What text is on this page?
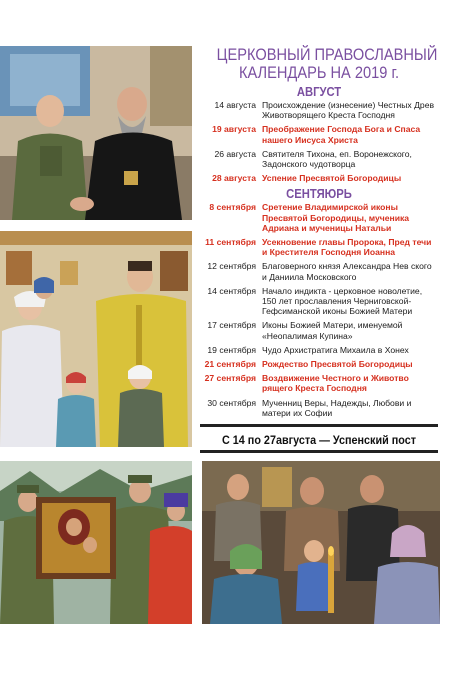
ЦЕРКОВНЫЙ ПРАВОСЛАВНЫЙ
КАЛЕНДАРЬ НА 2019 г.
АВГУСТ
14 августа Происхождение (изнесение) Честных Древ Животворящего Креста Господня
19 августа Преображение Господа Бога и Спаса нашего Иисуса Христа
26 августа Святителя Тихона, еп. Воронежского, Задонского чудотворца
28 августа Успение Пресвятой Богородицы
СЕНТЯЮРЬ
8 сентября Сретение Владимирской иконы Пресвятой Богородицы, мученика Адриана и мученицы Натальи
11 сентября Усекновение главы Пророка, Пред течи и Крестителя Господня Иоанна
12 сентября Благоверного князя Александра Нев ского и Даниила Московского
14 сентября Начало индикта - церковное новолетие, 150 лет прославления Черниговской-Гефсиманской иконы Божией Матери
17 сентября Иконы Божией Матери, именуемой «Неопалимая Купина»
19 сентября Чудо Архистратига Михаила в Хонех
21 сентября Рождество Пресвятой Богородицы
27 сентября Воздвижение Честного и Животво рящего Креста Господня
30 сентября Мученниц Веры, Надежды, Любови и матери их Софии
С 14 по 27августа — Успенский пост
